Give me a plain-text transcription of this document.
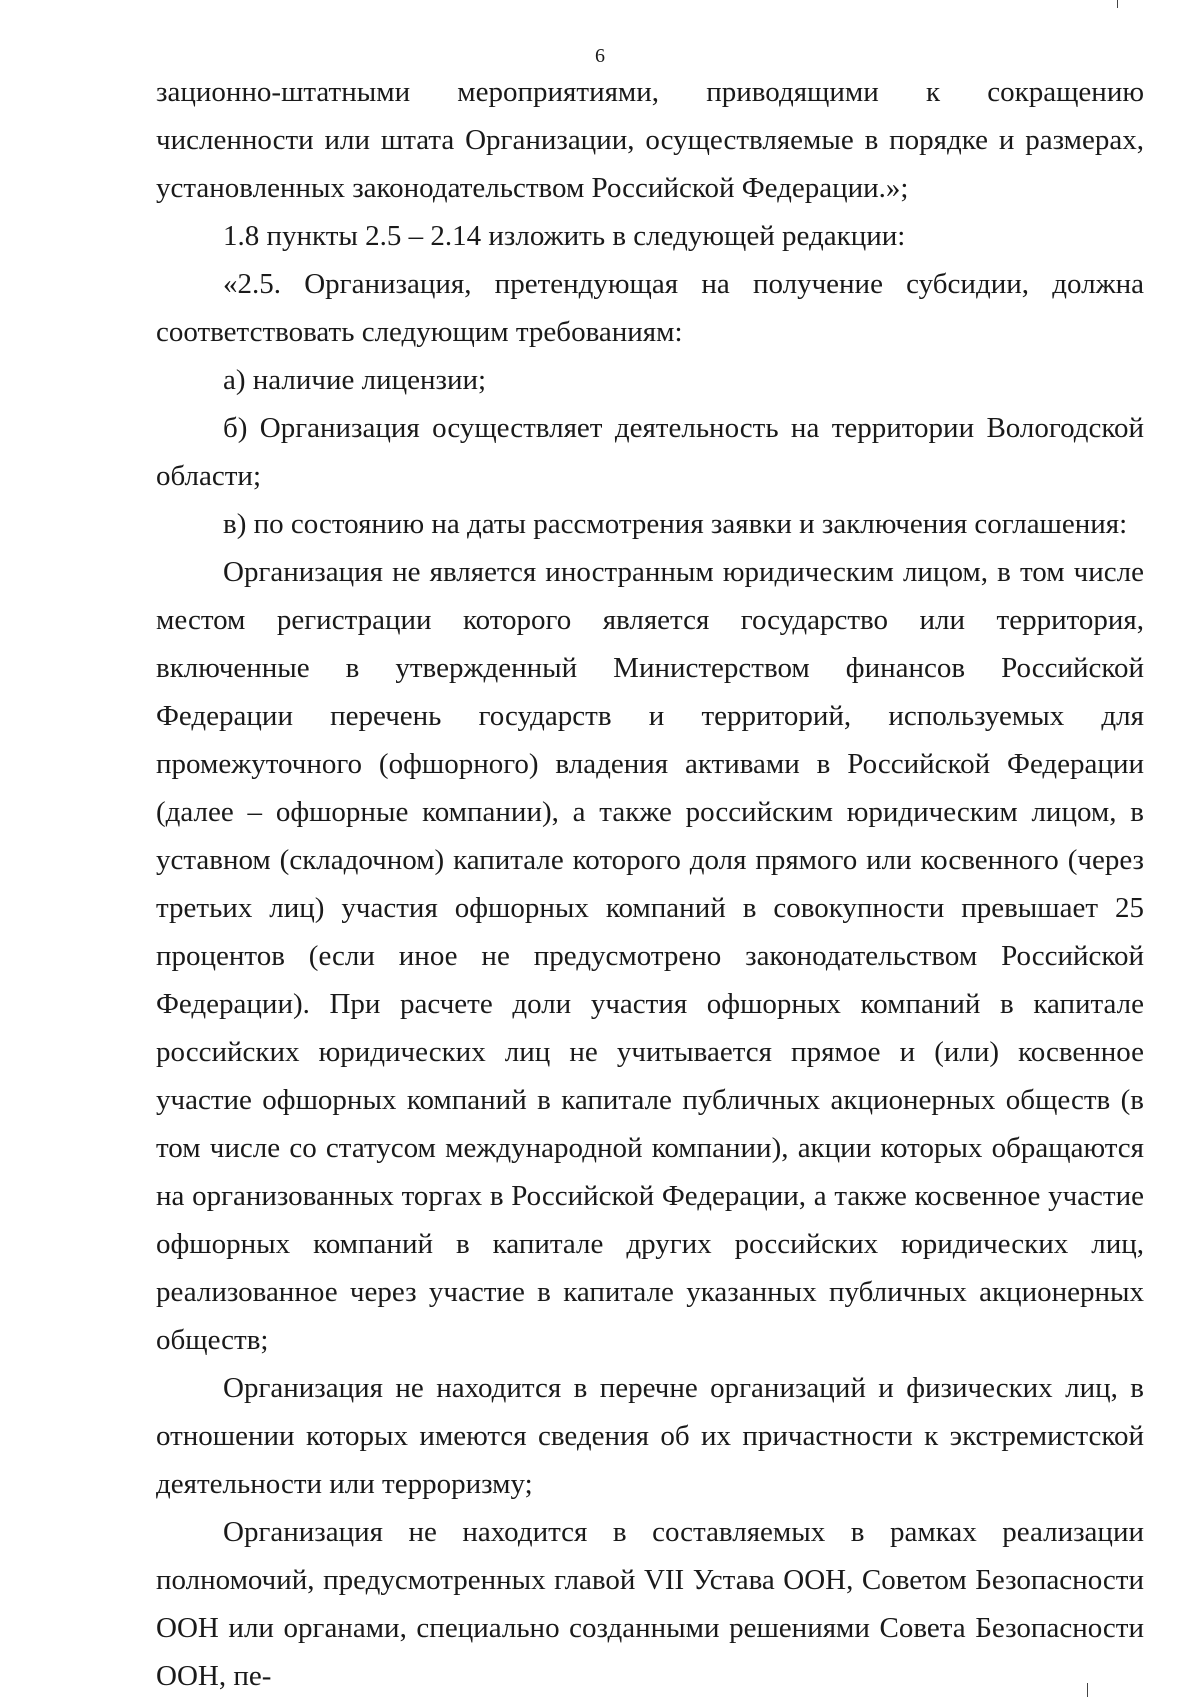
6

зационно-штатными мероприятиями, приводящими к сокращению численности или штата Организации, осуществляемые в порядке и размерах, установленных законодательством Российской Федерации.»;

1.8 пункты 2.5 – 2.14 изложить в следующей редакции:

«2.5. Организация, претендующая на получение субсидии, должна соответствовать следующим требованиям:

а) наличие лицензии;

б) Организация осуществляет деятельность на территории Вологодской области;

в) по состоянию на даты рассмотрения заявки и заключения соглашения:

Организация не является иностранным юридическим лицом, в том числе местом регистрации которого является государство или территория, включенные в утвержденный Министерством финансов Российской Федерации перечень государств и территорий, используемых для промежуточного (офшорного) владения активами в Российской Федерации (далее – офшорные компании), а также российским юридическим лицом, в уставном (складочном) капитале которого доля прямого или косвенного (через третьих лиц) участия офшорных компаний в совокупности превышает 25 процентов (если иное не предусмотрено законодательством Российской Федерации). При расчете доли участия офшорных компаний в капитале российских юридических лиц не учитывается прямое и (или) косвенное участие офшорных компаний в капитале публичных акционерных обществ (в том числе со статусом международной компании), акции которых обращаются на организованных торгах в Российской Федерации, а также косвенное участие офшорных компаний в капитале других российских юридических лиц, реализованное через участие в капитале указанных публичных акционерных обществ;

Организация не находится в перечне организаций и физических лиц, в отношении которых имеются сведения об их причастности к экстремистской деятельности или терроризму;

Организация не находится в составляемых в рамках реализации полномочий, предусмотренных главой VII Устава ООН, Советом Безопасности ООН или органами, специально созданными решениями Совета Безопасности ООН, пе-
